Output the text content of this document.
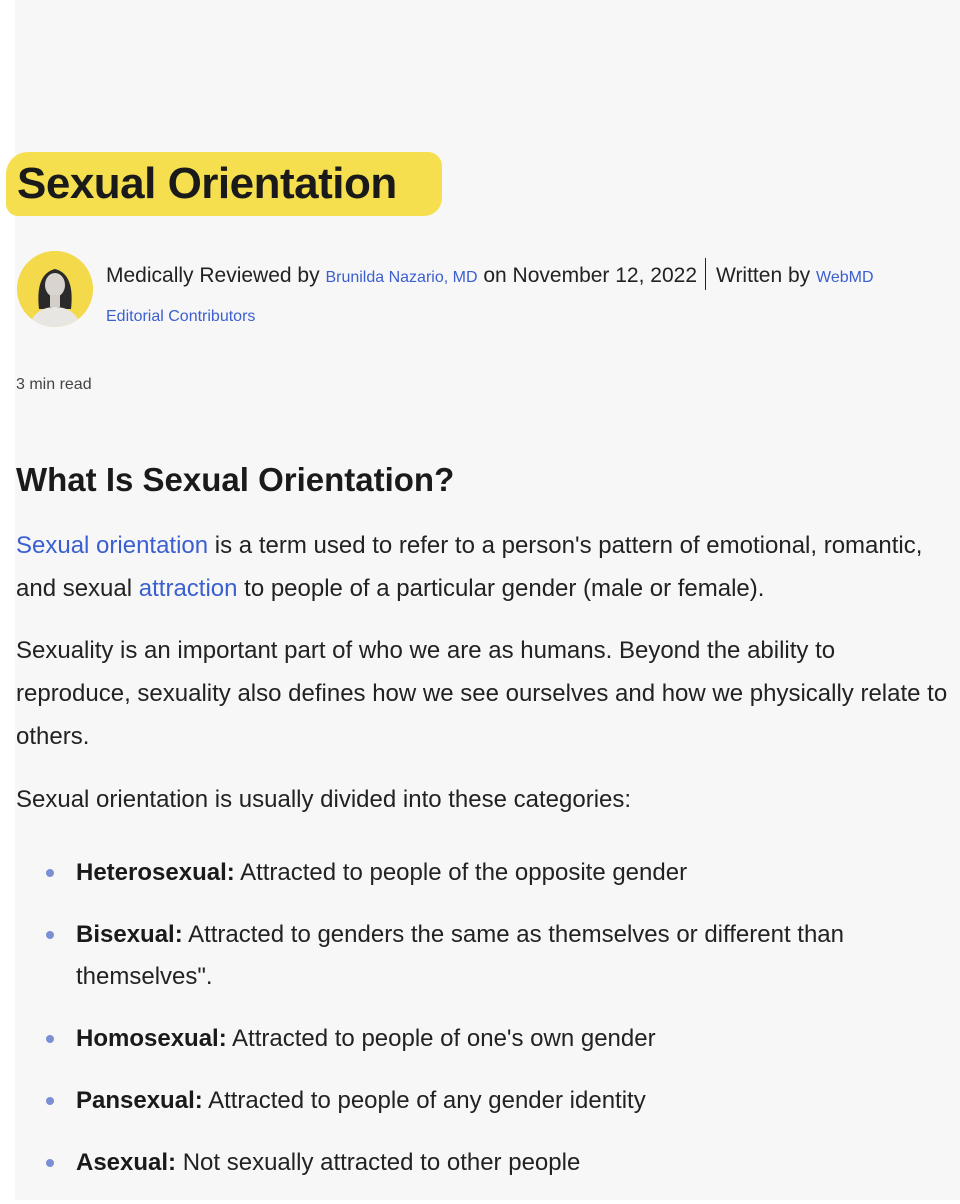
Sexual Orientation
Medically Reviewed by Brunilda Nazario, MD on November 12, 2022 Written by WebMD
Editorial Contributors
3 min read
What Is Sexual Orientation?

Sexual orientation is a term used to refer to a person's pattern of emotional, romantic, and sexual attraction to people of a particular gender (male or female).

Sexuality is an important part of who we are as humans. Beyond the ability to reproduce, sexuality also defines how we see ourselves and how we physically relate to others.

Sexual orientation is usually divided into these categories:

Heterosexual: Attracted to people of the opposite gender
Bisexual: Attracted to genders the same as themselves or different than themselves".
Homosexual: Attracted to people of one's own gender
Pansexual: Attracted to people of any gender identity
Asexual: Not sexually attracted to other people
